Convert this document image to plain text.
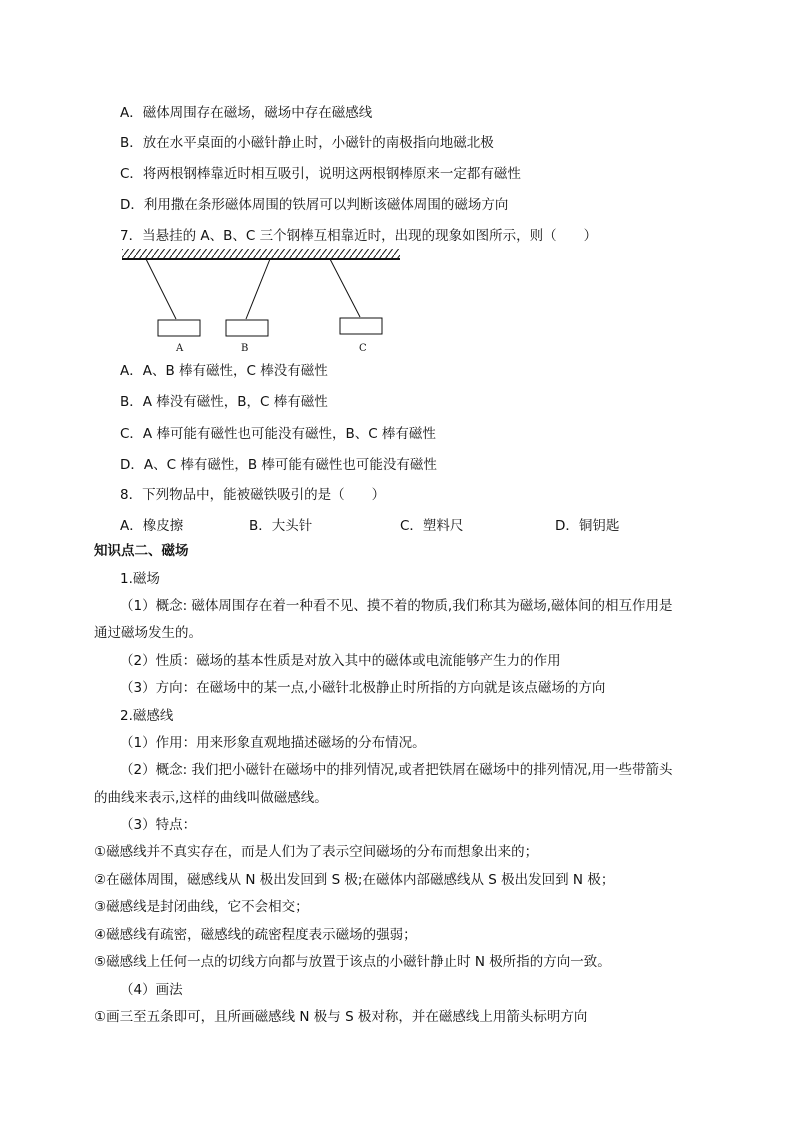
A．磁体周围存在磁场，磁场中存在磁感线
B．放在水平桌面的小磁针静止时，小磁针的南极指向地磁北极
C．将两根钢棒靠近时相互吸引，说明这两根钢棒原来一定都有磁性
D．利用撒在条形磁体周围的铁屑可以判断该磁体周围的磁场方向
7．当悬挂的 A、B、C 三个钢棒互相靠近时，出现的现象如图所示，则（　　）
A	B	C
A．A、B 棒有磁性，C 棒没有磁性
B．A 棒没有磁性，B，C 棒有磁性
C．A 棒可能有磁性也可能没有磁性，B、C 棒有磁性
D．A、C 棒有磁性，B 棒可能有磁性也可能没有磁性
8．下列物品中，能被磁铁吸引的是（　　）
A．橡皮擦	B．大头针	C．塑料尺	D．铜钥匙
知识点二、磁场
1.磁场
（1）概念: 磁体周围存在着一种看不见、摸不着的物质,我们称其为磁场,磁体间的相互作用是
通过磁场发生的。
（2）性质：磁场的基本性质是对放入其中的磁体或电流能够产生力的作用
（3）方向：在磁场中的某一点,小磁针北极静止时所指的方向就是该点磁场的方向
2.磁感线
（1）作用：用来形象直观地描述磁场的分布情况。
（2）概念: 我们把小磁针在磁场中的排列情况,或者把铁屑在磁场中的排列情况,用一些带箭头
的曲线来表示,这样的曲线叫做磁感线。
（3）特点：
①磁感线并不真实存在，而是人们为了表示空间磁场的分布而想象出来的；
②在磁体周围，磁感线从 N 极出发回到 S 极;在磁体内部磁感线从 S 极出发回到 N 极；
③磁感线是封闭曲线，它不会相交；
④磁感线有疏密，磁感线的疏密程度表示磁场的强弱；
⑤磁感线上任何一点的切线方向都与放置于该点的小磁针静止时 N 极所指的方向一致。
（4）画法
①画三至五条即可，且所画磁感线 N 极与 S 极对称，并在磁感线上用箭头标明方向
